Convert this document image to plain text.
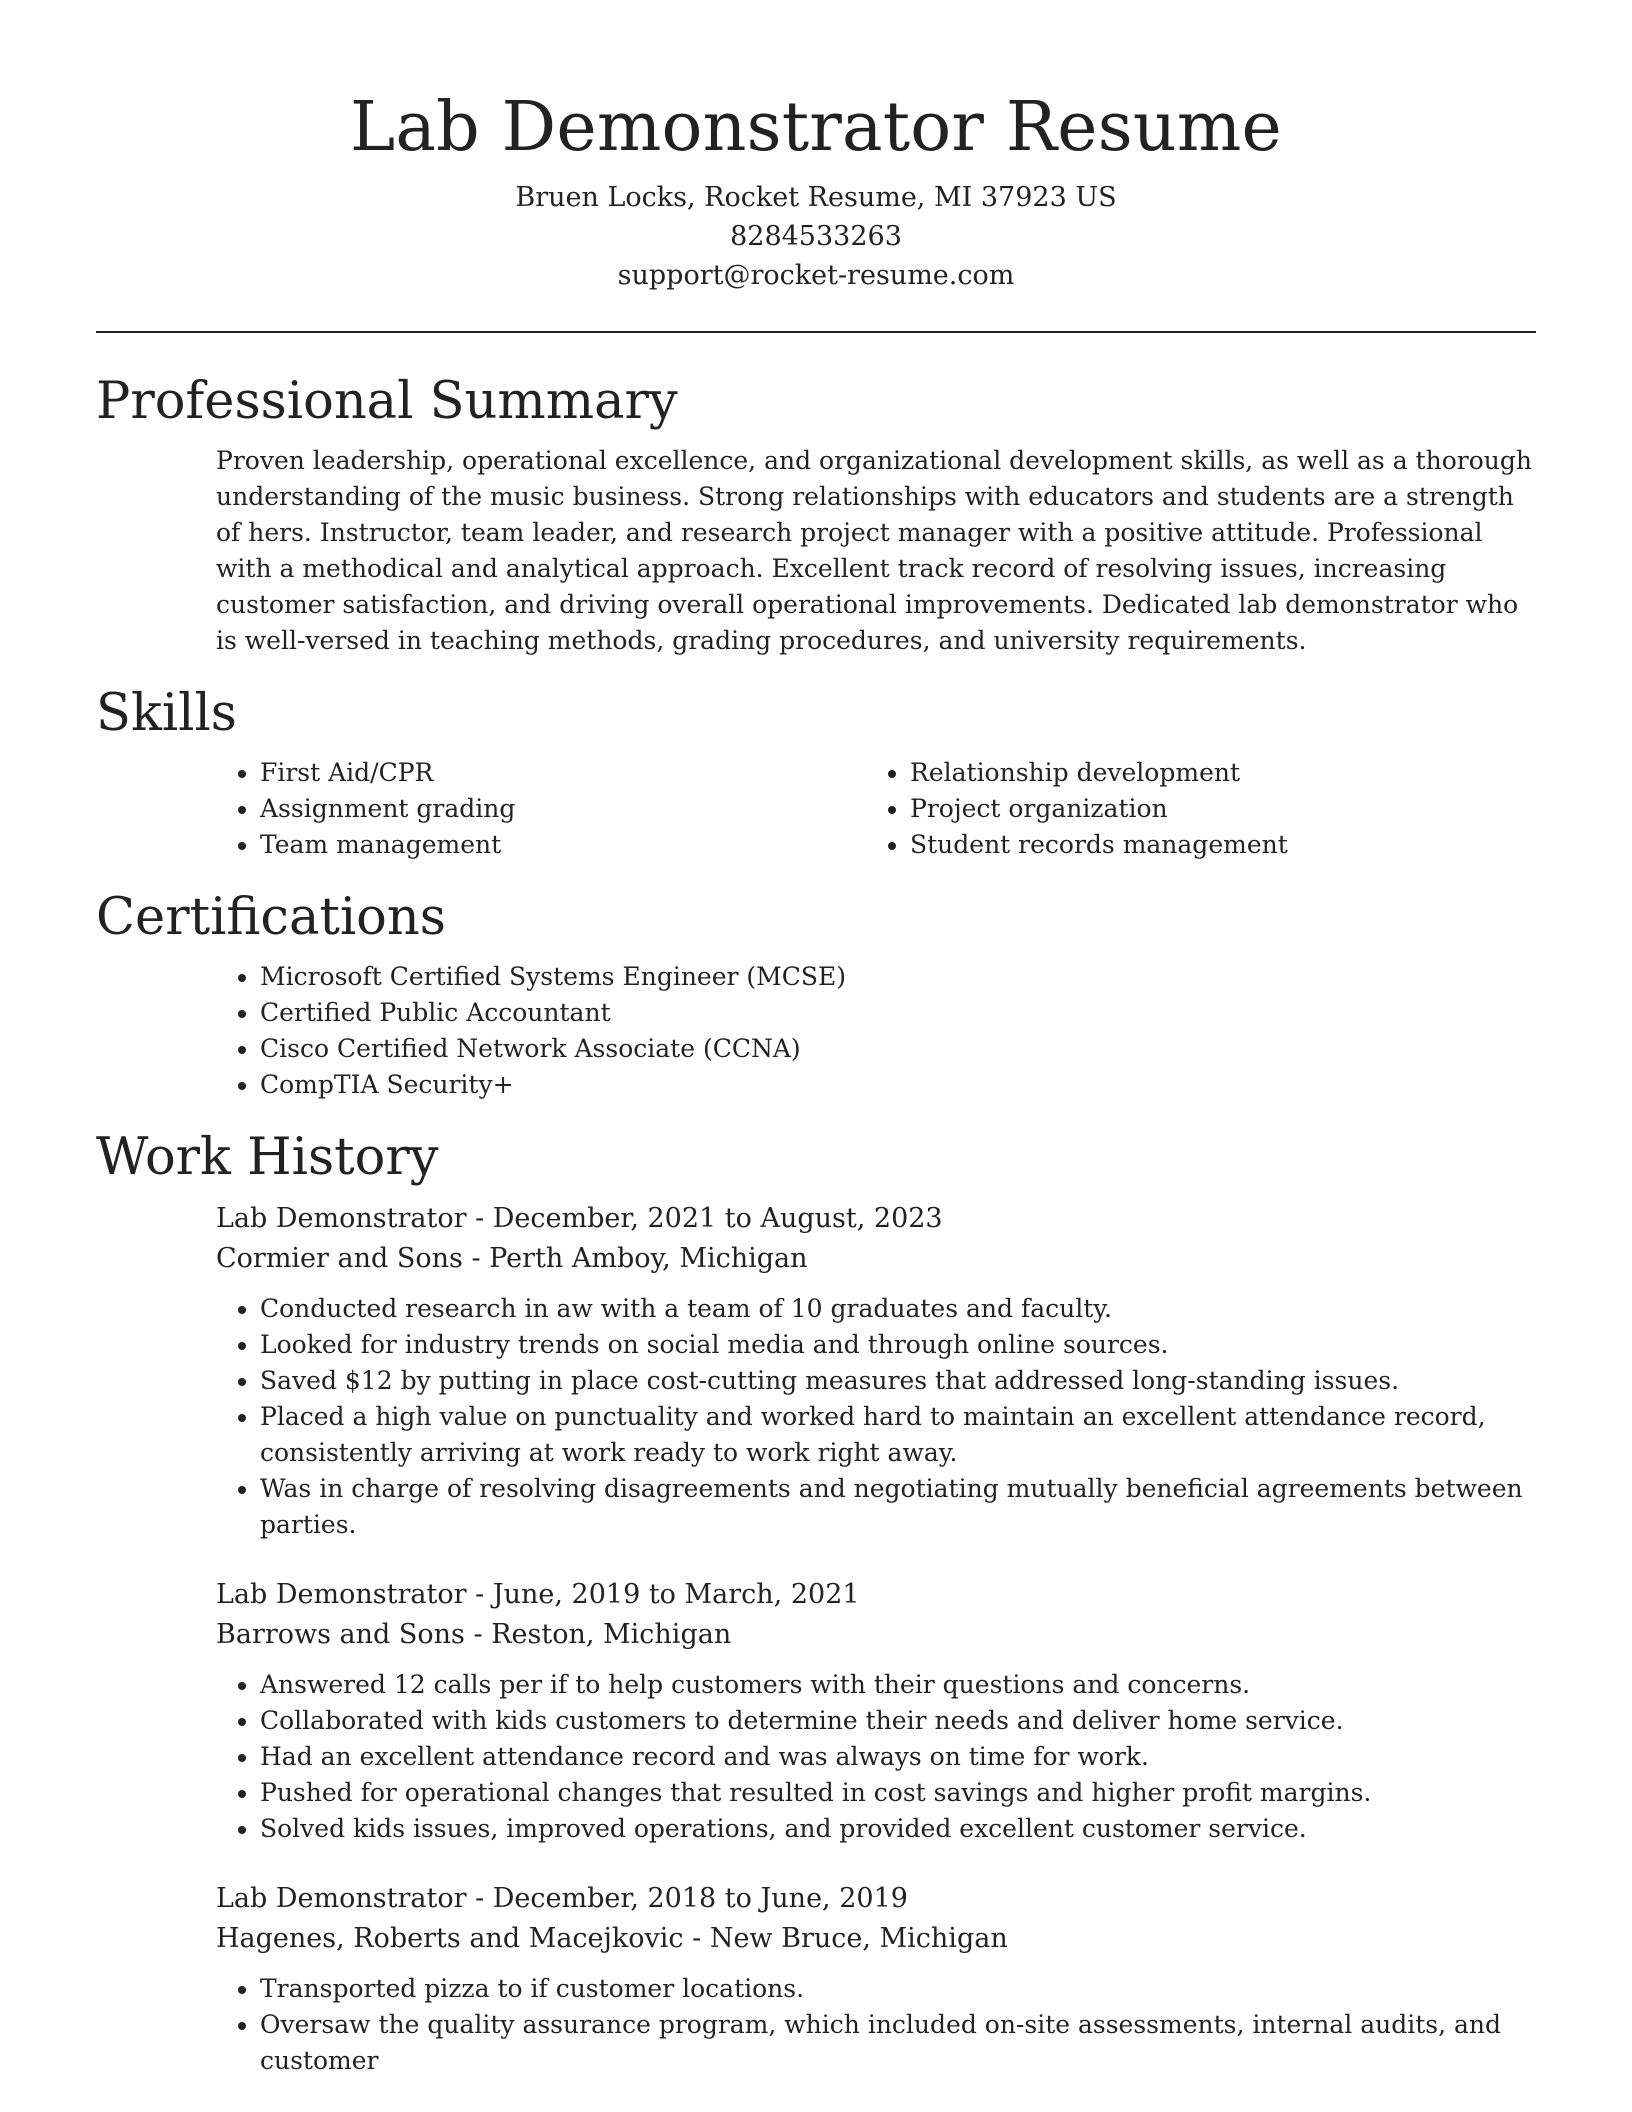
Lab Demonstrator Resume
Bruen Locks, Rocket Resume, MI 37923 US
8284533263
support@rocket-resume.com
Professional Summary
Proven leadership, operational excellence, and organizational development skills, as well as a thorough understanding of the music business. Strong relationships with educators and students are a strength of hers. Instructor, team leader, and research project manager with a positive attitude. Professional with a methodical and analytical approach. Excellent track record of resolving issues, increasing customer satisfaction, and driving overall operational improvements. Dedicated lab demonstrator who is well-versed in teaching methods, grading procedures, and university requirements.
Skills
• First Aid/CPR
• Assignment grading
• Team management
• Relationship development
• Project organization
• Student records management
Certifications
• Microsoft Certified Systems Engineer (MCSE)
• Certified Public Accountant
• Cisco Certified Network Associate (CCNA)
• CompTIA Security+
Work History
Lab Demonstrator - December, 2021 to August, 2023
Cormier and Sons - Perth Amboy, Michigan
• Conducted research in aw with a team of 10 graduates and faculty.
• Looked for industry trends on social media and through online sources.
• Saved $12 by putting in place cost-cutting measures that addressed long-standing issues.
• Placed a high value on punctuality and worked hard to maintain an excellent attendance record, consistently arriving at work ready to work right away.
• Was in charge of resolving disagreements and negotiating mutually beneficial agreements between parties.
Lab Demonstrator - June, 2019 to March, 2021
Barrows and Sons - Reston, Michigan
• Answered 12 calls per if to help customers with their questions and concerns.
• Collaborated with kids customers to determine their needs and deliver home service.
• Had an excellent attendance record and was always on time for work.
• Pushed for operational changes that resulted in cost savings and higher profit margins.
• Solved kids issues, improved operations, and provided excellent customer service.
Lab Demonstrator - December, 2018 to June, 2019
Hagenes, Roberts and Macejkovic - New Bruce, Michigan
• Transported pizza to if customer locations.
• Oversaw the quality assurance program, which included on-site assessments, internal audits, and customer
